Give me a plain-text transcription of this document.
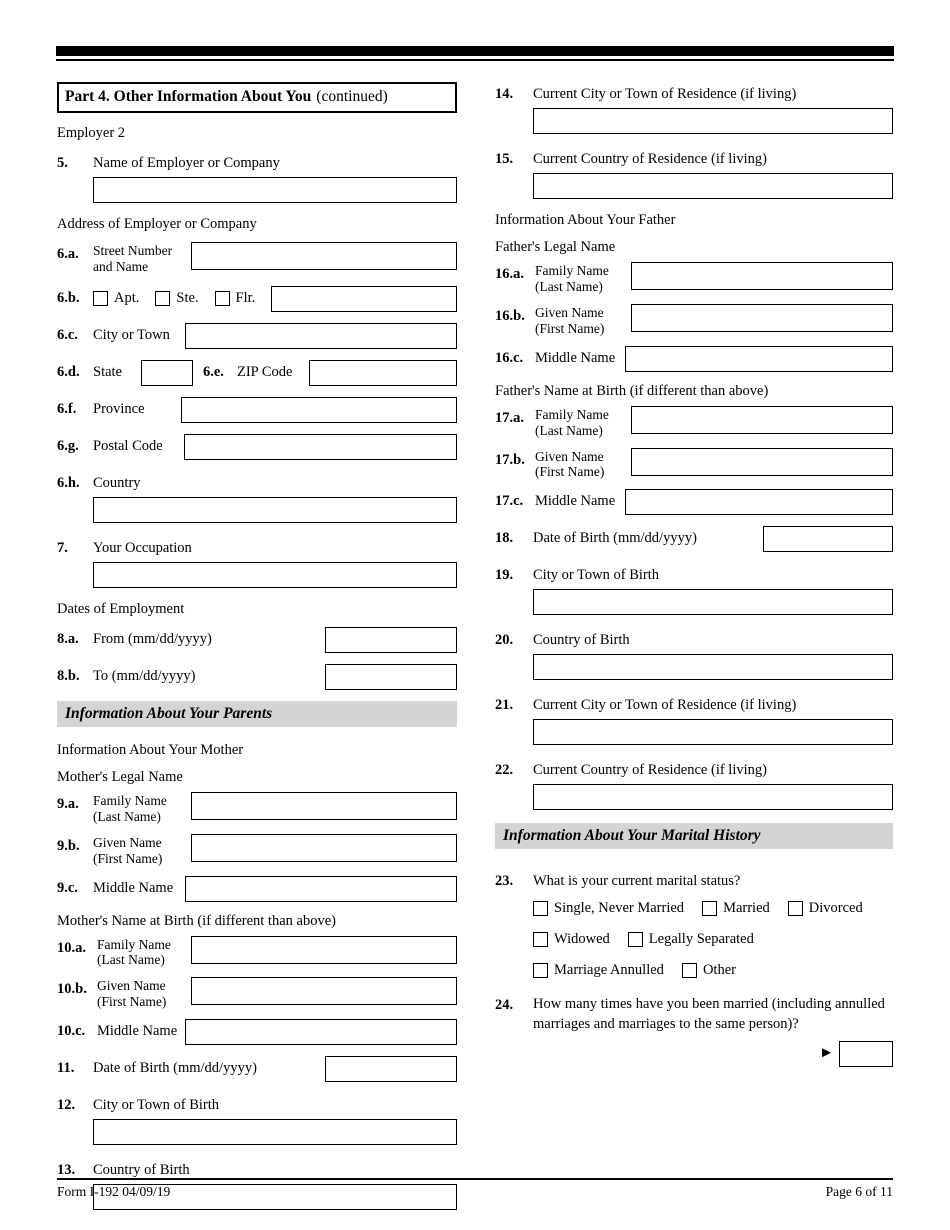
Part 4. Other Information About You (continued)
Employer 2
5.	Name of Employer or Company
Address of Employer or Company
6.a.	Street Number
and Name
6.b.	Apt.	Ste.	Flr.
6.c.	City or Town
6.d. State	6.e. ZIP Code
6.f.	Province
6.g. Postal Code
6.h. Country
7.	Your Occupation
Dates of Employment
8.a. From (mm/dd/yyyy)
8.b. To (mm/dd/yyyy)
Information About Your Parents
Information About Your Mother
Mother's Legal Name
9.a.	Family Name
(Last Name)
9.b. Given Name
(First Name)
9.c.	Middle Name
Mother's Name at Birth (if different than above)
10.a. Family Name
(Last Name)
10.b. Given Name
(First Name)
10.c. Middle Name
11.	Date of Birth (mm/dd/yyyy)
12.	City or Town of Birth
13.	Country of Birth
14.	Current City or Town of Residence (if living)
15.	Current Country of Residence (if living)
Information About Your Father
Father's Legal Name
16.a. Family Name
(Last Name)
16.b. Given Name
(First Name)
16.c. Middle Name
Father's Name at Birth (if different than above)
17.a. Family Name
(Last Name)
17.b. Given Name
(First Name)
17.c. Middle Name
18.	Date of Birth (mm/dd/yyyy)
19.	City or Town of Birth
20.	Country of Birth
21.	Current City or Town of Residence (if living)
22.	Current Country of Residence (if living)
Information About Your Marital History
23.	What is your current marital status?
Single, Never Married	Married	Divorced
Widowed	Legally Separated
Marriage Annulled	Other
24.	How many times have you been married (including annulled marriages and marriages to the same person)?
►
Form I-192 04/09/19	Page 6 of 11
